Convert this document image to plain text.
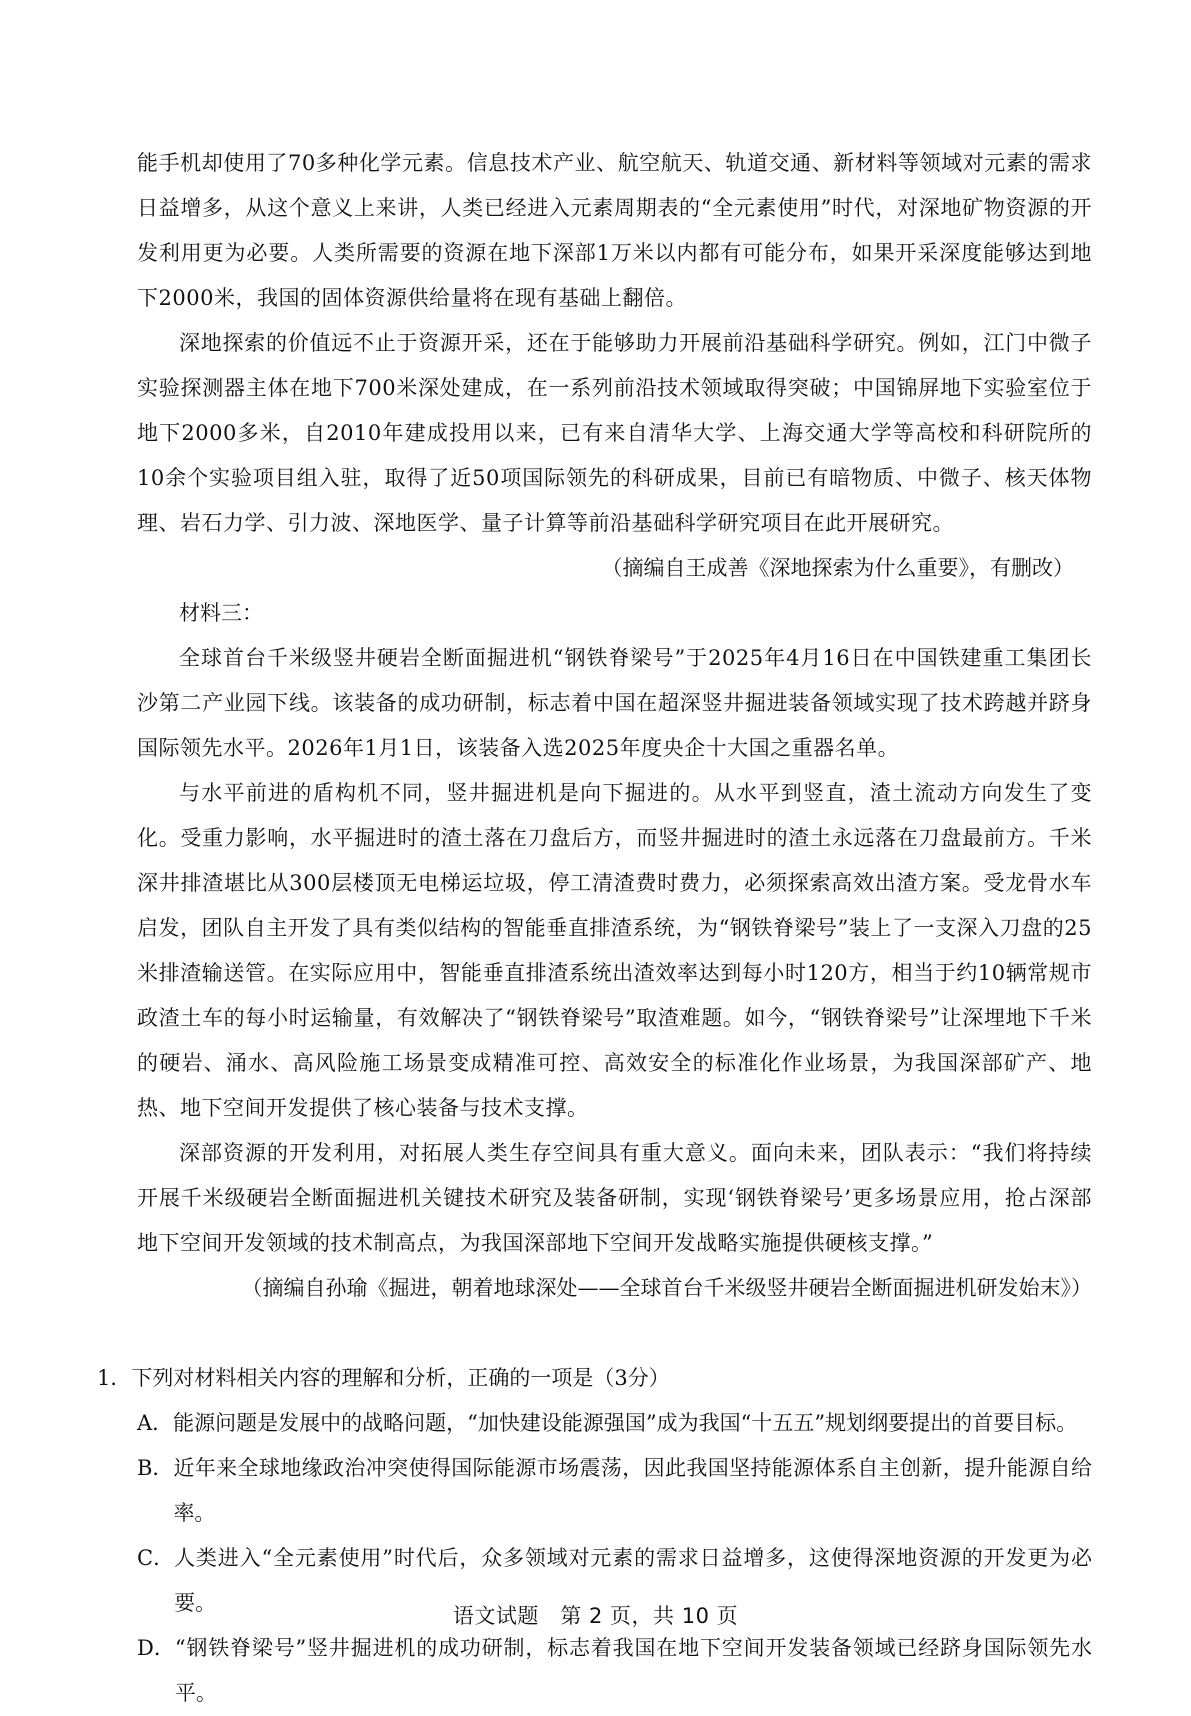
能手机却使用了70多种化学元素。信息技术产业、航空航天、轨道交通、新材料等领域对元素的需求日益增多，从这个意义上来讲，人类已经进入元素周期表的“全元素使用”时代，对深地矿物资源的开发利用更为必要。人类所需要的资源在地下深部1万米以内都有可能分布，如果开采深度能够达到地下2000米，我国的固体资源供给量将在现有基础上翻倍。

深地探索的价值远不止于资源开采，还在于能够助力开展前沿基础科学研究。例如，江门中微子实验探测器主体在地下700米深处建成，在一系列前沿技术领域取得突破；中国锦屏地下实验室位于地下2000多米，自2010年建成投用以来，已有来自清华大学、上海交通大学等高校和科研院所的10余个实验项目组入驻，取得了近50项国际领先的科研成果，目前已有暗物质、中微子、核天体物理、岩石力学、引力波、深地医学、量子计算等前沿基础科学研究项目在此开展研究。

（摘编自王成善《深地探索为什么重要》，有删改）

材料三：

全球首台千米级竖井硬岩全断面掘进机“钢铁脊梁号”于2025年4月16日在中国铁建重工集团长沙第二产业园下线。该装备的成功研制，标志着中国在超深竖井掘进装备领域实现了技术跨越并跻身国际领先水平。2026年1月1日，该装备入选2025年度央企十大国之重器名单。

与水平前进的盾构机不同，竖井掘进机是向下掘进的。从水平到竖直，渣土流动方向发生了变化。受重力影响，水平掘进时的渣土落在刀盘后方，而竖井掘进时的渣土永远落在刀盘最前方。千米深井排渣堪比从300层楼顶无电梯运垃圾，停工清渣费时费力，必须探索高效出渣方案。受龙骨水车启发，团队自主开发了具有类似结构的智能垂直排渣系统，为“钢铁脊梁号”装上了一支深入刀盘的25米排渣输送管。在实际应用中，智能垂直排渣系统出渣效率达到每小时120方，相当于约10辆常规市政渣土车的每小时运输量，有效解决了“钢铁脊梁号”取渣难题。如今，“钢铁脊梁号”让深埋地下千米的硬岩、涌水、高风险施工场景变成精准可控、高效安全的标准化作业场景，为我国深部矿产、地热、地下空间开发提供了核心装备与技术支撑。

深部资源的开发利用，对拓展人类生存空间具有重大意义。面向未来，团队表示：“我们将持续开展千米级硬岩全断面掘进机关键技术研究及装备研制，实现‘钢铁脊梁号’更多场景应用，抢占深部地下空间开发领域的技术制高点，为我国深部地下空间开发战略实施提供硬核支撑。”

（摘编自孙瑜《掘进，朝着地球深处——全球首台千米级竖井硬岩全断面掘进机研发始末》）

1．下列对材料相关内容的理解和分析，正确的一项是（3分）

A． 能源问题是发展中的战略问题，“加快建设能源强国”成为我国“十五五”规划纲要提出的首要目标。
B． 近年来全球地缘政治冲突使得国际能源市场震荡，因此我国坚持能源体系自主创新，提升能源自给率。
C． 人类进入“全元素使用”时代后，众多领域对元素的需求日益增多，这使得深地资源的开发更为必要。
D． “钢铁脊梁号”竖井掘进机的成功研制，标志着我国在地下空间开发装备领域已经跻身国际领先水平。
语文试题　第 2 页，共 10 页
